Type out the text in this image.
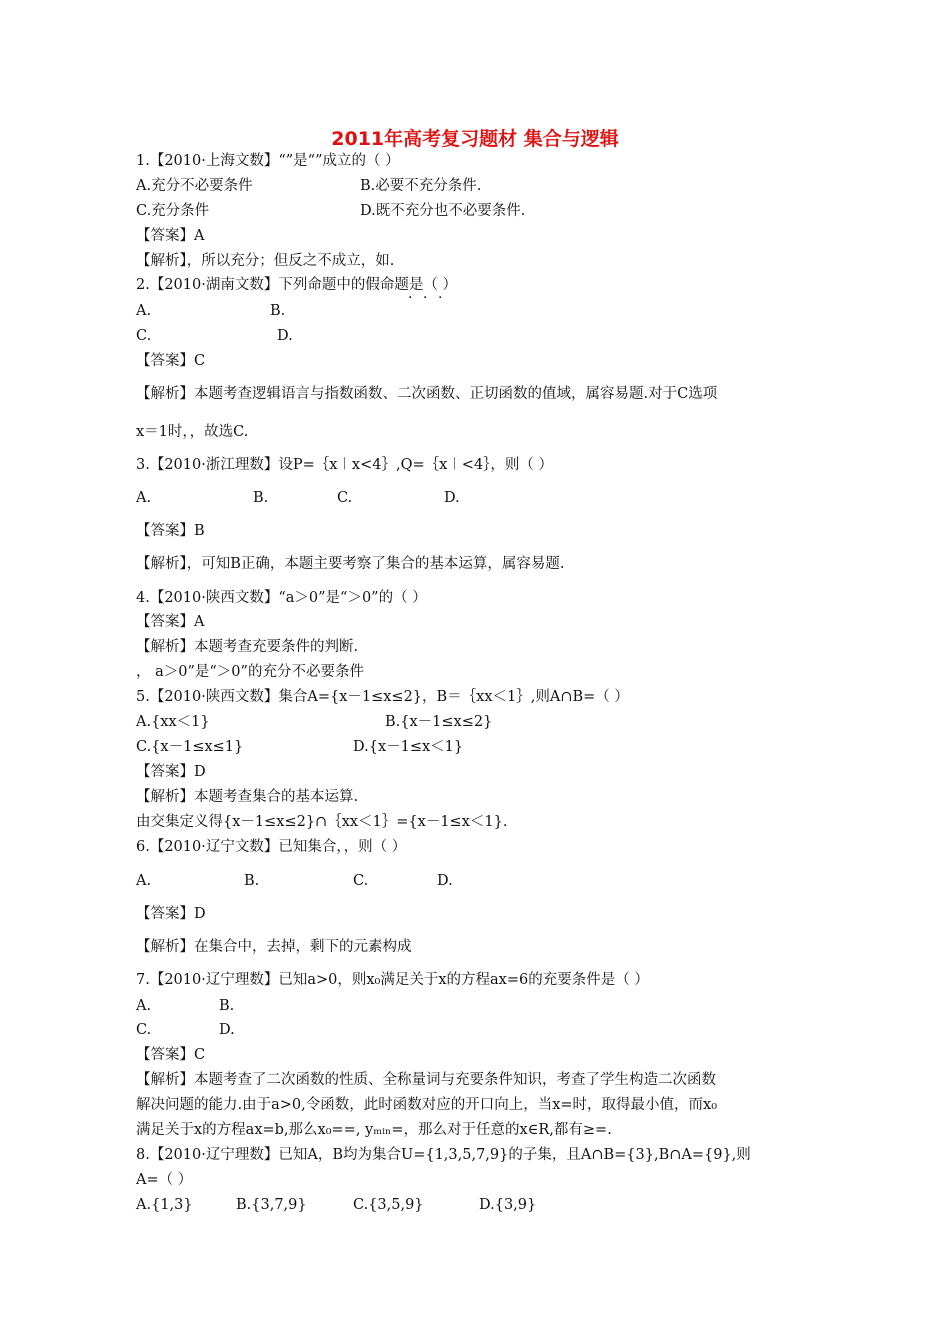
2011年高考复习题材 集合与逻辑
1.【2010·上海文数】“”是“”成立的（ ）
A.充分不必要条件	B.必要不充分条件.
C.充分条件	D.既不充分也不必要条件.
【答案】A
【解析】，所以充分；但反之不成立，如.
2.【2010·湖南文数】下列命题中的假命题是（ ）
· · ·
A.	B.
C.	D.
【答案】C
【解析】本题考查逻辑语言与指数函数、二次函数、正切函数的值域，属容易题.对于C选项
x＝1时，，故选C.
3.【2010·浙江理数】设P=｛x︱x<4｝,Q=｛x︱<4｝，则（ ）
A.	B.	C.	D.
【答案】B
【解析】，可知B正确，本题主要考察了集合的基本运算，属容易题.
4.【2010·陕西文数】“a＞0”是“＞0”的（ ）
【答案】A
【解析】本题考查充要条件的判断.
， a＞0”是“＞0”的充分不必要条件
5.【2010·陕西文数】集合A={x－1≤x≤2}，B＝｛xx＜1｝,则A∩B=（ ）
A.{xx＜1}	B.{x－1≤x≤2}
C.{x－1≤x≤1}	D.{x－1≤x＜1}
【答案】D
【解析】本题考查集合的基本运算.
由交集定义得{x－1≤x≤2}∩｛xx＜1｝={x－1≤x＜1}.
6.【2010·辽宁文数】已知集合，，则（ ）
A.	B.	C.	D.
【答案】D
【解析】在集合中，去掉，剩下的元素构成
7.【2010·辽宁理数】已知a>0，则x₀满足关于x的方程ax=6的充要条件是（ ）
A.	B.
C.	D.
【答案】C
【解析】本题考查了二次函数的性质、全称量词与充要条件知识，考查了学生构造二次函数
解决问题的能力.由于a>0,令函数，此时函数对应的开口向上，当x=时，取得最小值，而x₀
满足关于x的方程ax=b,那么x₀==, yₘᵢₙ=，那么对于任意的x∈R,都有≥=.
8.【2010·辽宁理数】已知A，B均为集合U={1,3,5,7,9}的子集，且A∩B={3},B∩A={9},则
A=（ ）
A.{1,3}	B.{3,7,9}	C.{3,5,9}	D.{3,9}
